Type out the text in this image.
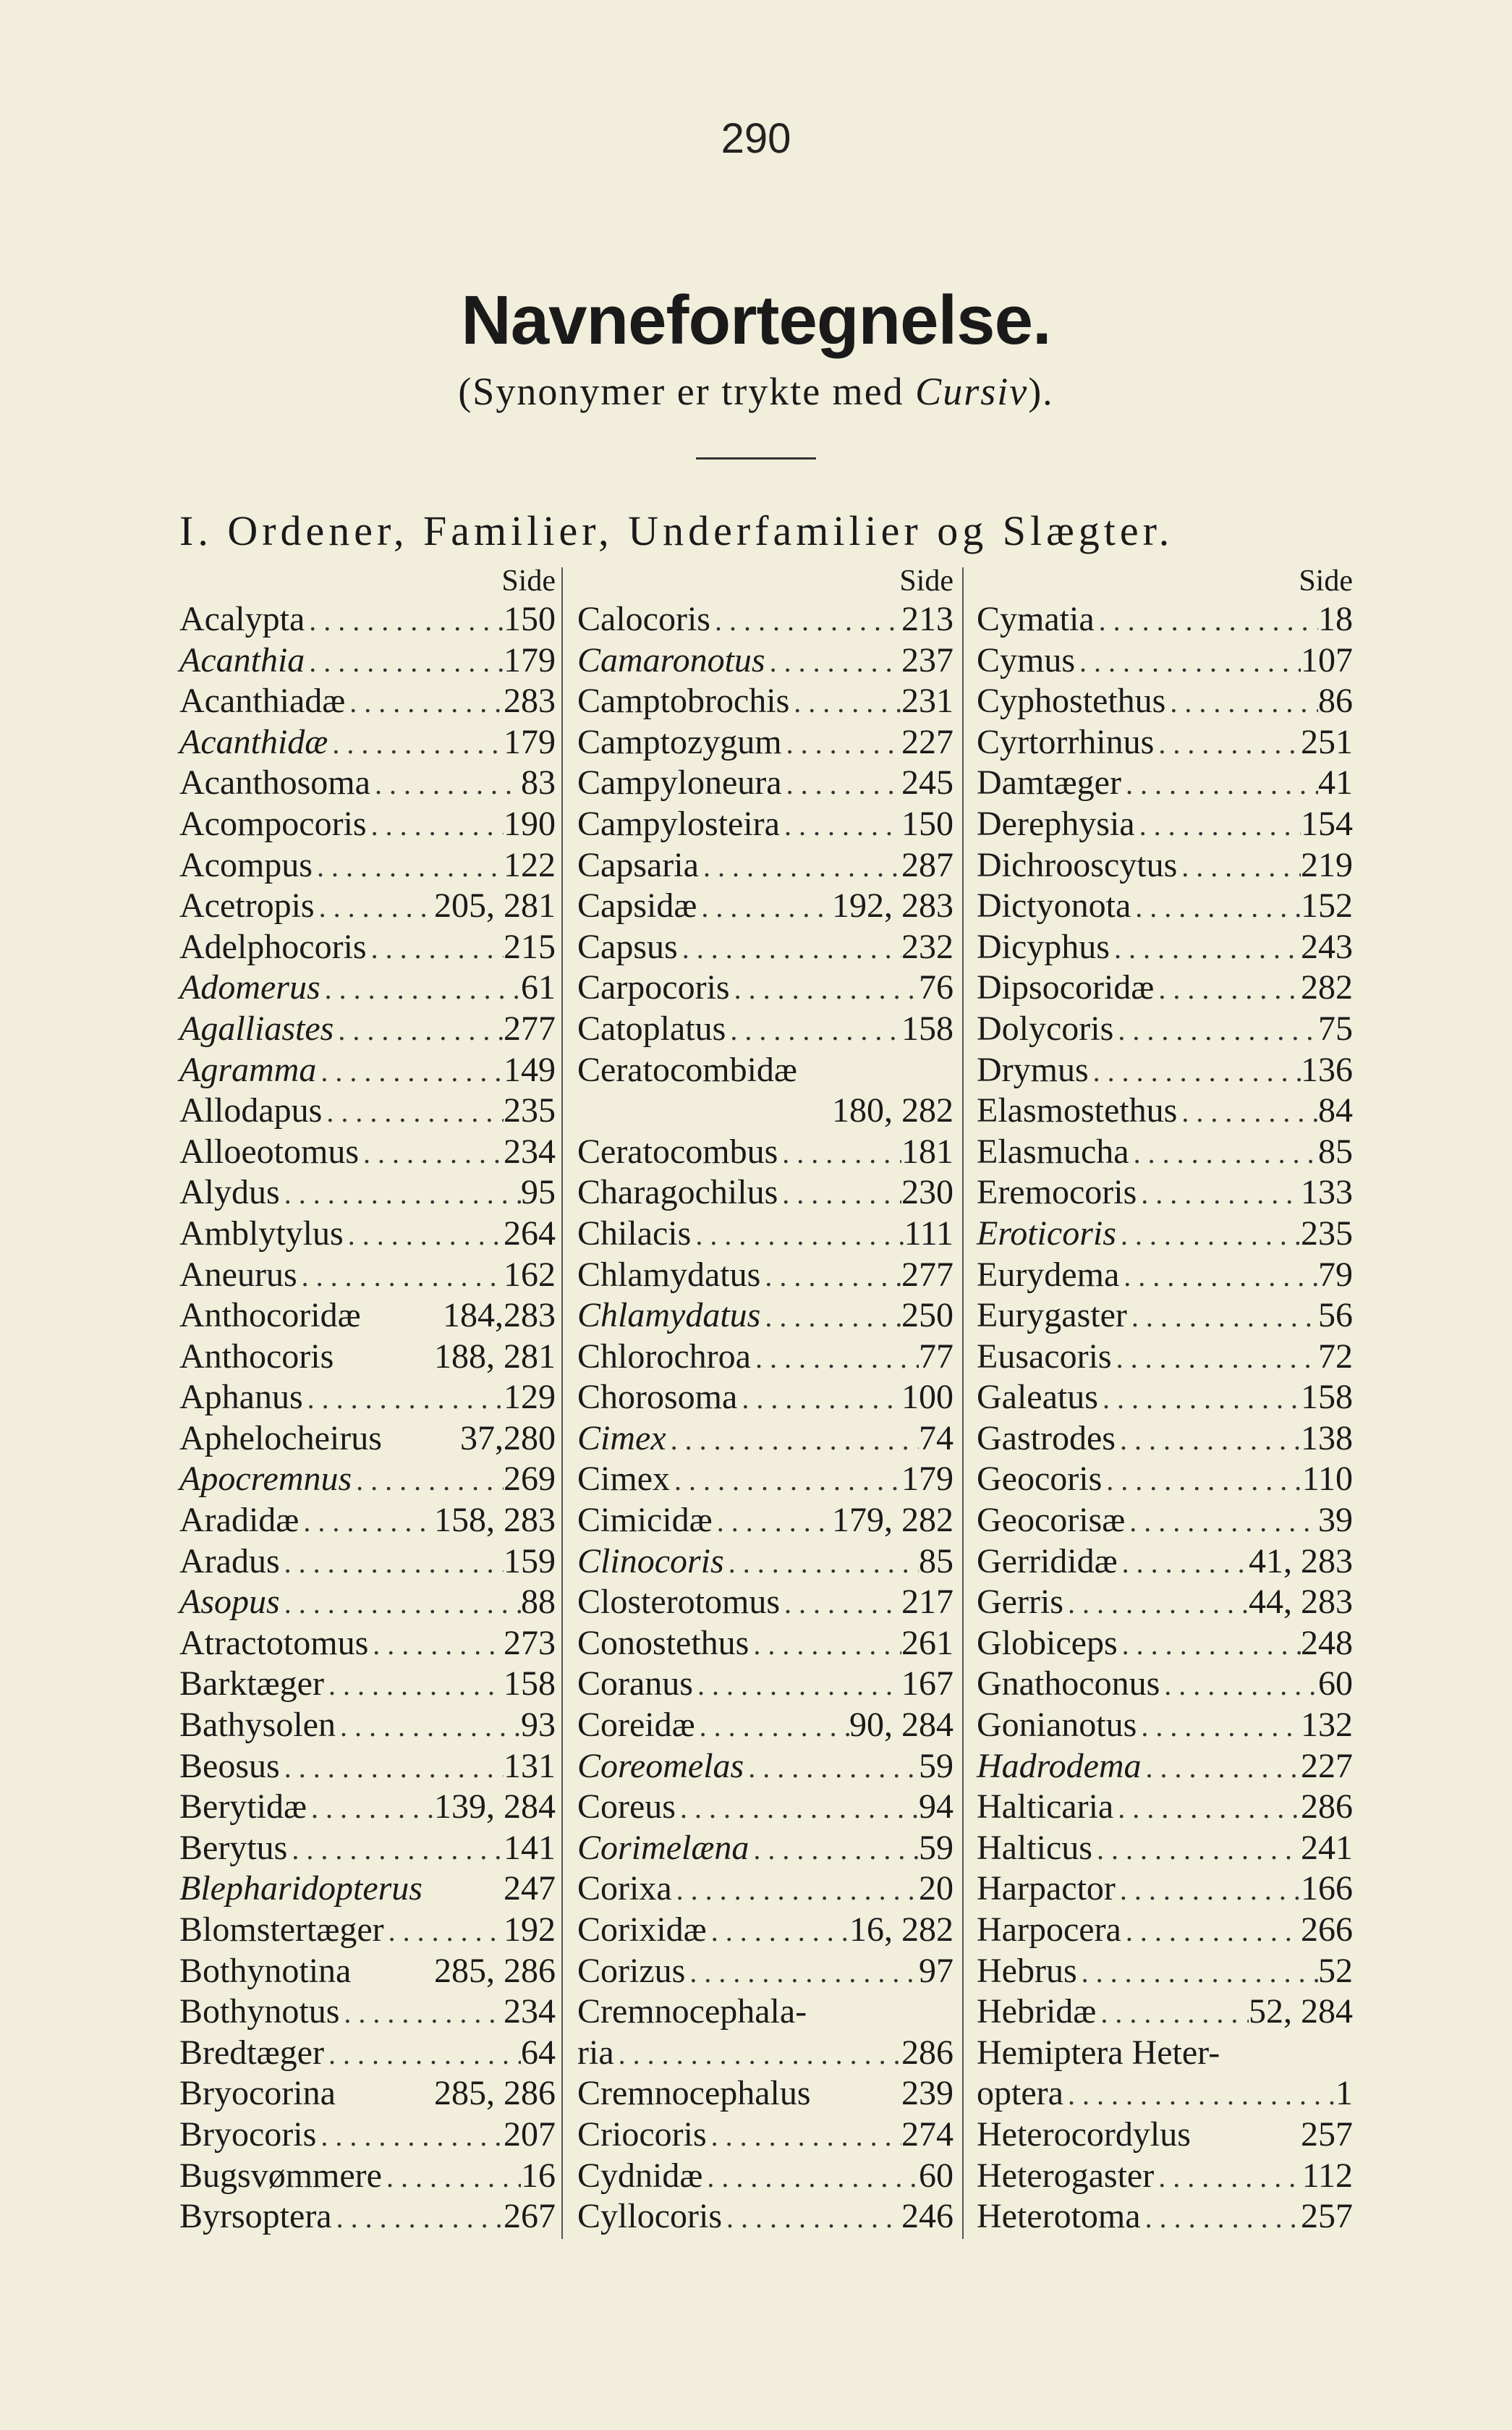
290
Navnefortegnelse.
(Synonymer er trykte med Cursiv).
I. Ordener, Familier, Underfamilier og Slægter.
Side
Acalypta . . .	150
Acanthia . . .	179
Acanthiadæ . . .	283
Acanthidæ . . .	179
Acanthosoma . . .	83
Acompocoris . . .	190
Acompus . . .	122
Acetropis . . .	205, 281
Adelphocoris . . .	215
Adomerus . . .	61
Agalliastes . . .	277
Agramma . . .	149
Allodapus . . .	235
Alloeotomus . . .	234
Alydus . . .	95
Amblytylus . . .	264
Aneurus . . .	162
Anthocoridæ 184,283
Anthocoris	188, 281
Aphanus . . .	129
Aphelocheirus 37,280
Apocremnus . . .	269
Aradidæ . . .	158, 283
Aradus . . .	159
Asopus . . .	88
Atractotomus . . .	273
Barktæger . . .	158
Bathysolen . . .	93
Beosus . . .	131
Berytidæ . . .	139, 284
Berytus . . .	141
Blepharidopterus 247
Blomstertæger . . .	192
Bothynotina 285, 286
Bothynotus . . .	234
Bredtæger . . .	64
Bryocorina	285, 286
Bryocoris . . .	207
Bugsvømmere . . .	16
Byrsoptera . . .	267
Side
Calocoris . . .	213
Camaronotus . . .	237
Camptobrochis . . .	231
Camptozygum . . .	227
Campyloneura . . .	245
Campylosteira . . .	150
Capsaria . . .	287
Capsidæ . . .	192, 283
Capsus . . .	232
Carpocoris . . .	76
Catoplatus . . .	158
Ceratocombidæ
180, 282
Ceratocombus . . .	181
Charagochilus . . .	230
Chilacis . . .	111
Chlamydatus . . .	277
Chlamydatus . . .	250
Chlorochroa . . .	77
Chorosoma . . .	100
Cimex . . .	74
Cimex . . .	179
Cimicidæ . . .	179, 282
Clinocoris . . .	85
Closterotomus . . .	217
Conostethus . . .	261
Coranus . . .	167
Coreidæ . . .	90, 284
Coreomelas . . .	59
Coreus . . .	94
Corimelæna . . .	59
Corixa . . .	20
Corixidæ . . .	16, 282
Corizus . . .	97
Cremnocephala-
ria . . .	286
Cremnocephalus	239
Criocoris . . .	274
Cydnidæ . . .	60
Cyllocoris . . .	246
Side
Cymatia . . .	18
Cymus . . .	107
Cyphostethus . . .	86
Cyrtorrhinus . . .	251
Damtæger . . .	41
Derephysia . . .	154
Dichrooscytus . . .	219
Dictyonota . . .	152
Dicyphus . . .	243
Dipsocoridæ . . .	282
Dolycoris . . .	75
Drymus . . .	136
Elasmostethus . . .	84
Elasmucha . . .	85
Eremocoris . . .	133
Eroticoris . . .	235
Eurydema . . .	79
Eurygaster . . .	56
Eusacoris . . .	72
Galeatus . . .	158
Gastrodes . . .	138
Geocoris . . .	110
Geocorisæ . . .	39
Gerrididæ . . .	41, 283
Gerris . . .	44, 283
Globiceps . . .	248
Gnathoconus . . .	60
Gonianotus . . .	132
Hadrodema . . .	227
Halticaria . . .	286
Halticus . . .	241
Harpactor . . .	166
Harpocera . . .	266
Hebrus . . .	52
Hebridæ . . .	52, 284
Hemiptera Heter-
optera . . .	1
Heterocordylus	257
Heterogaster . . .	112
Heterotoma . . .	257
